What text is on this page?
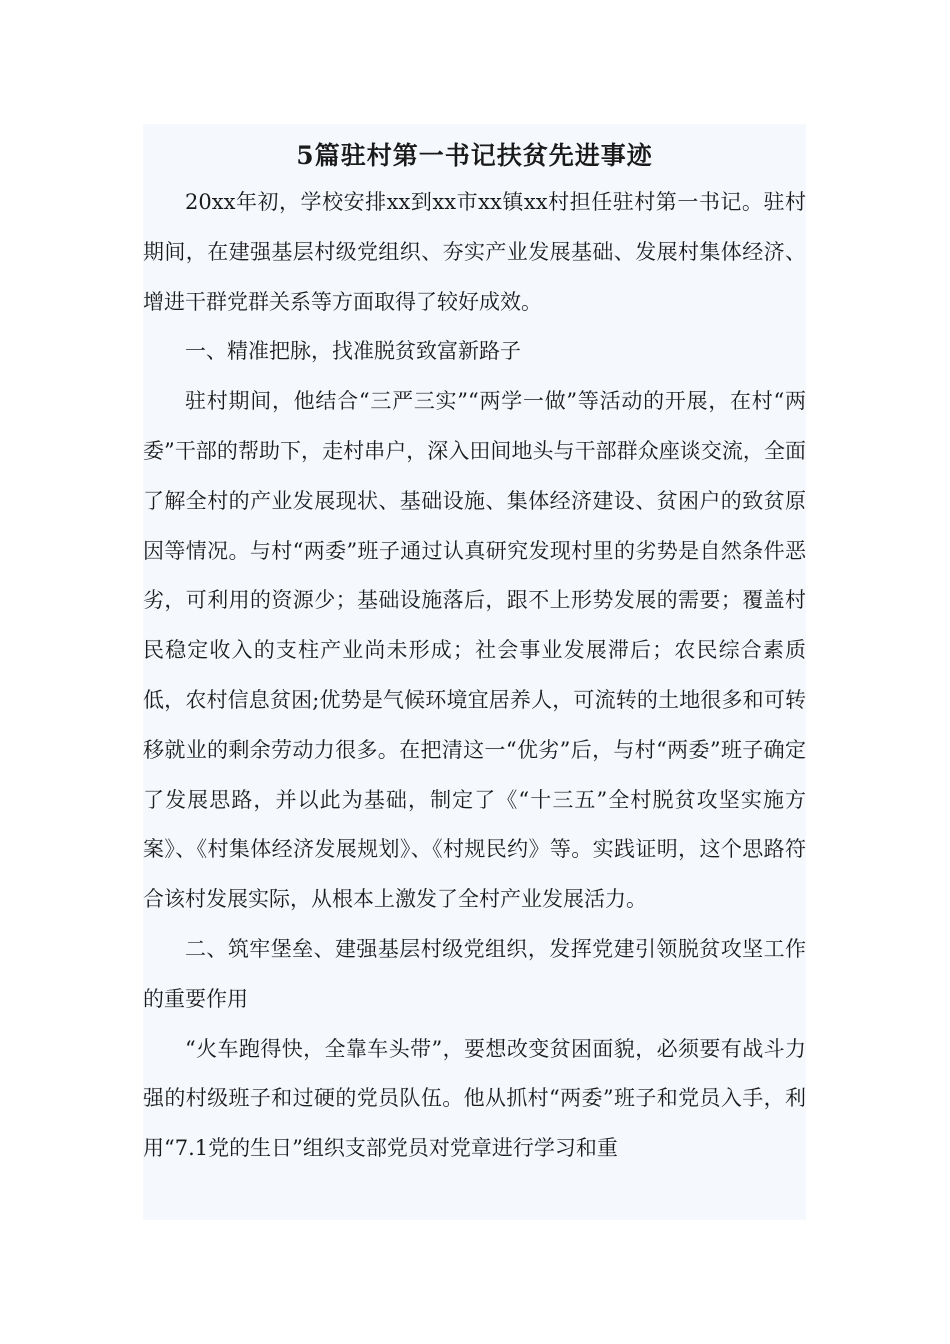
5篇驻村第一书记扶贫先进事迹

20xx年初，学校安排xx到xx市xx镇xx村担任驻村第一书记。驻村期间，在建强基层村级党组织、夯实产业发展基础、发展村集体经济、增进干群党群关系等方面取得了较好成效。

一、精准把脉，找准脱贫致富新路子

驻村期间，他结合“三严三实”“两学一做”等活动的开展，在村“两委”干部的帮助下，走村串户，深入田间地头与干部群众座谈交流，全面了解全村的产业发展现状、基础设施、集体经济建设、贫困户的致贫原因等情况。与村“两委”班子通过认真研究发现村里的劣势是自然条件恶劣，可利用的资源少；基础设施落后，跟不上形势发展的需要；覆盖村民稳定收入的支柱产业尚未形成；社会事业发展滞后；农民综合素质低，农村信息贫困;优势是气候环境宜居养人，可流转的土地很多和可转移就业的剩余劳动力很多。在把清这一“优劣”后，与村“两委”班子确定了发展思路，并以此为基础，制定了《“十三五”全村脱贫攻坚实施方案》、《村集体经济发展规划》、《村规民约》等。实践证明，这个思路符合该村发展实际，从根本上激发了全村产业发展活力。

二、筑牢堡垒、建强基层村级党组织，发挥党建引领脱贫攻坚工作的重要作用

“火车跑得快，全靠车头带”，要想改变贫困面貌，必须要有战斗力强的村级班子和过硬的党员队伍。他从抓村“两委”班子和党员入手，利用“7.1党的生日”组织支部党员对党章进行学习和重
